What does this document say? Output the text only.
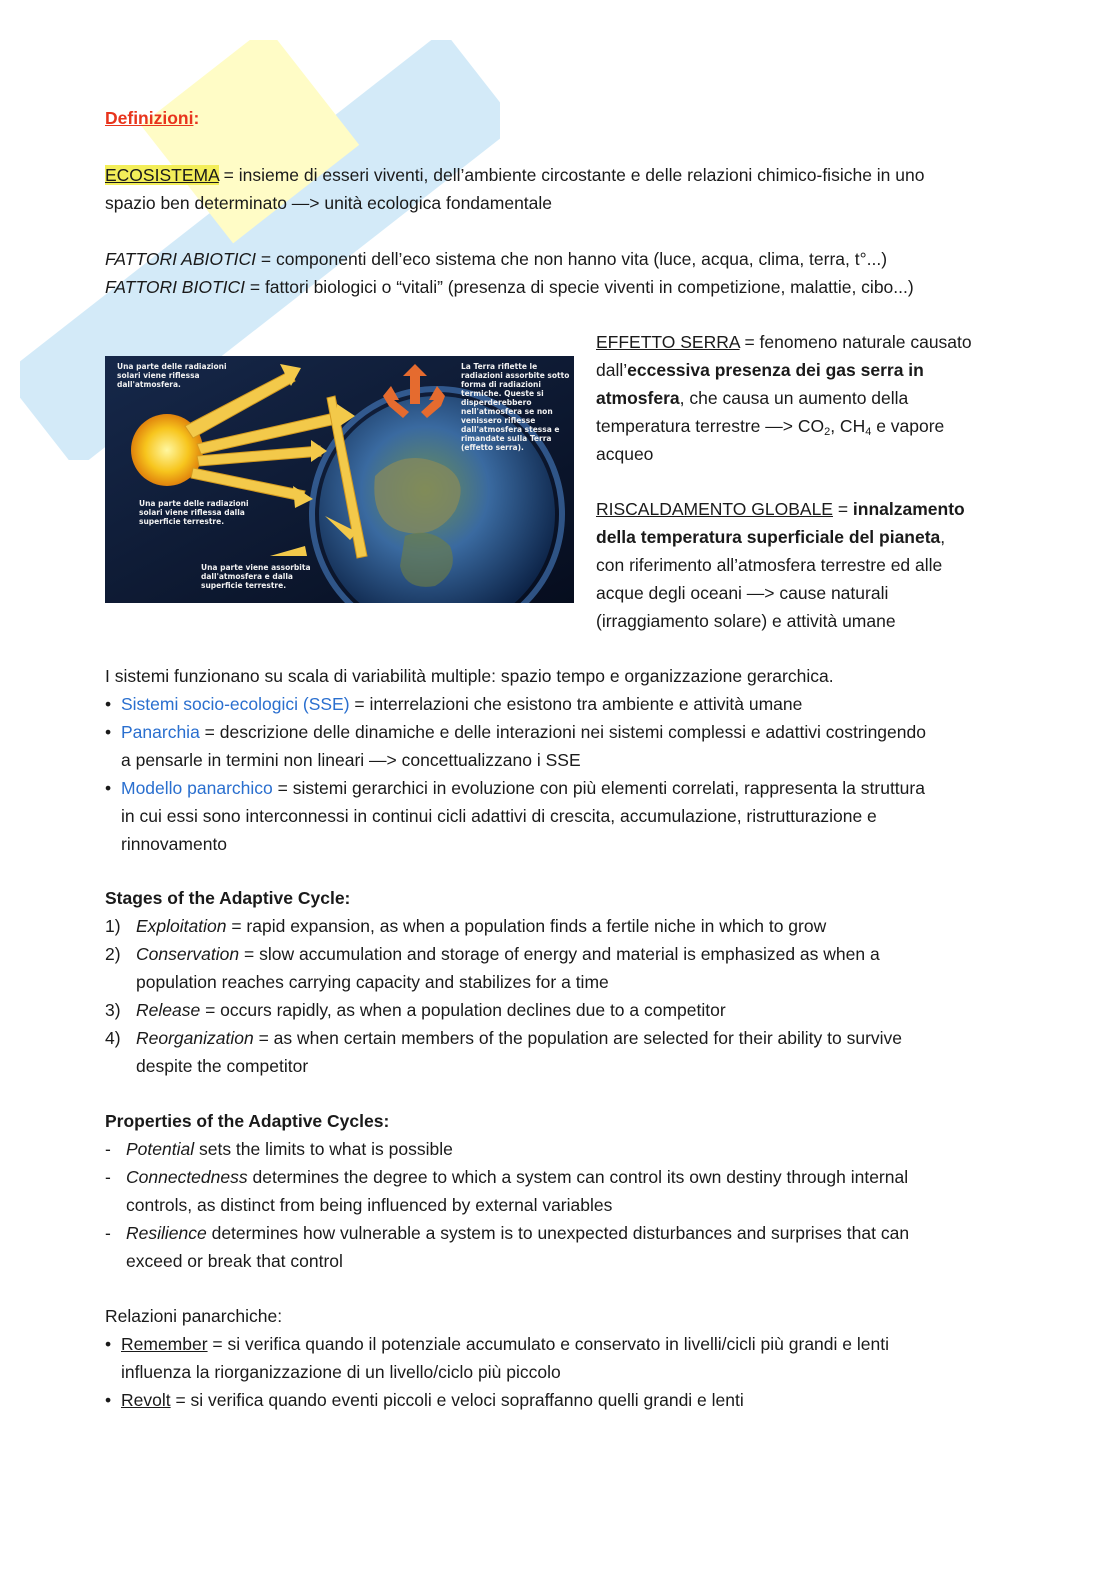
Definizioni:
ECOSISTEMA = insieme di esseri viventi, dell’ambiente circostante e delle relazioni chimico-fisiche in uno
spazio ben determinato —> unità ecologica fondamentale
FATTORI ABIOTICI = componenti dell’eco sistema che non hanno vita (luce, acqua, clima, terra, t°...)
FATTORI BIOTICI = fattori biologici o “vitali” (presenza di specie viventi in competizione, malattie, cibo...)
Una parte delle radiazioni solari viene riflessa dall'atmosfera.
La Terra riflette le radiazioni assorbite sotto forma di radiazioni termiche. Queste si disperderebbero nell'atmosfera se non venissero riflesse dall'atmosfera stessa e rimandate sulla Terra (effetto serra).
Una parte delle radiazioni solari viene riflessa dalla superficie terrestre.
Una parte viene assorbita dall'atmosfera e dalla superficie terrestre.
EFFETTO SERRA = fenomeno naturale causato
dall’eccessiva presenza dei gas serra in
atmosfera, che causa un aumento della
temperatura terrestre —> $CO_2$, $CH_4$ e vapore
acqueo
RISCALDAMENTO GLOBALE = innalzamento
della temperatura superficiale del pianeta,
con riferimento all’atmosfera terrestre ed alle
acque degli oceani —> cause naturali
(irraggiamento solare) e attività umane
I sistemi funzionano su scala di variabilità multiple: spazio tempo e organizzazione gerarchica.
• Sistemi socio-ecologici (SSE) = interrelazioni che esistono tra ambiente e attività umane
• Panarchia = descrizione delle dinamiche e delle interazioni nei sistemi complessi e adattivi costringendo
a pensarle in termini non lineari —> concettualizzano i SSE
• Modello panarchico = sistemi gerarchici in evoluzione con più elementi correlati, rappresenta la struttura
in cui essi sono interconnessi in continui cicli adattivi di crescita, accumulazione, ristrutturazione e
rinnovamento
Stages of the Adaptive Cycle:
1) Exploitation = rapid expansion, as when a population finds a fertile niche in which to grow
2) Conservation = slow accumulation and storage of energy and material is emphasized as when a
population reaches carrying capacity and stabilizes for a time
3) Release = occurs rapidly, as when a population declines due to a competitor
4) Reorganization = as when certain members of the population are selected for their ability to survive
despite the competitor
Properties of the Adaptive Cycles:
- Potential sets the limits to what is possible
- Connectedness determines the degree to which a system can control its own destiny through internal
controls, as distinct from being influenced by external variables
- Resilience determines how vulnerable a system is to unexpected disturbances and surprises that can
exceed or break that control
Relazioni panarchiche:
• Remember = si verifica quando il potenziale accumulato e conservato in livelli/cicli più grandi e lenti
influenza la riorganizzazione di un livello/ciclo più piccolo
• Revolt = si verifica quando eventi piccoli e veloci sopraffanno quelli grandi e lenti
